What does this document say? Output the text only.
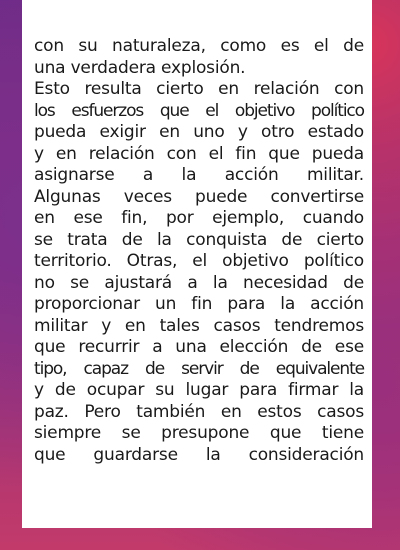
con su naturaleza, como es el de
una verdadera explosión.
Esto resulta cierto en relación con
los esfuerzos que el objetivo político
pueda exigir en uno y otro estado
y en relación con el fin que pueda
asignarse a la acción militar.
Algunas veces puede convertirse
en ese fin, por ejemplo, cuando
se trata de la conquista de cierto
territorio. Otras, el objetivo político
no se ajustará a la necesidad de
proporcionar un fin para la acción
militar y en tales casos tendremos
que recurrir a una elección de ese
tipo, capaz de servir de equivalente
y de ocupar su lugar para firmar la
paz. Pero también en estos casos
siempre se presupone que tiene
que guardarse la consideración
